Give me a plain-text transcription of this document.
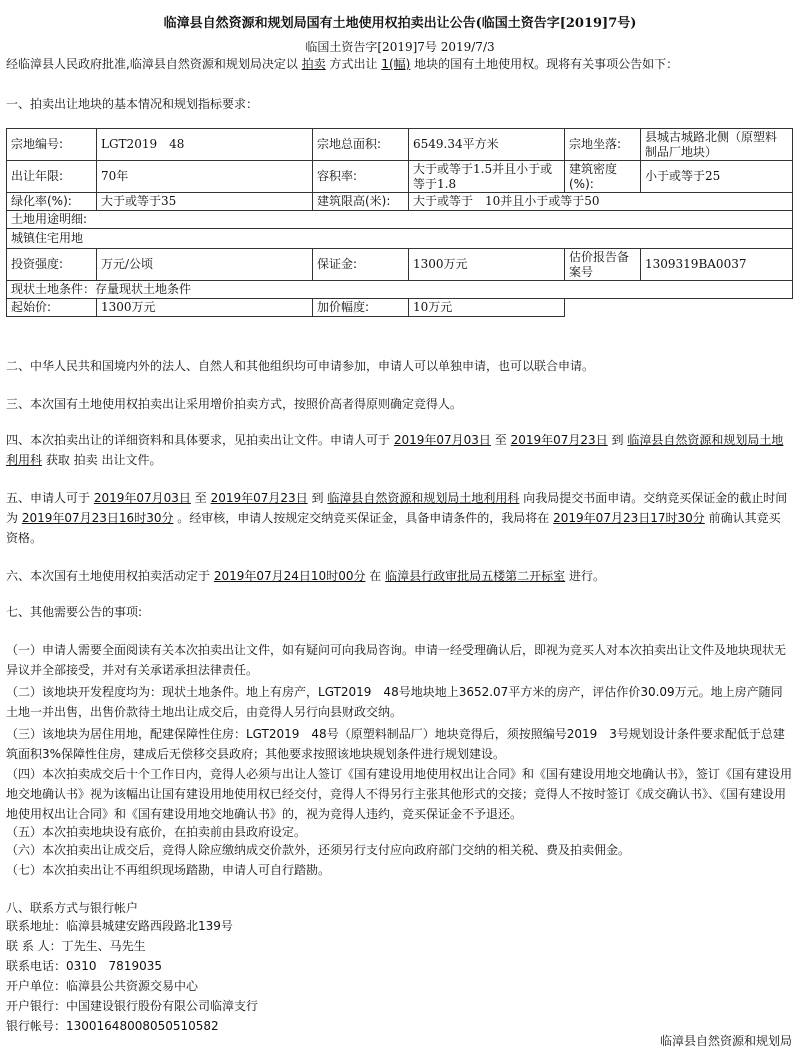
临漳县自然资源和规划局国有土地使用权拍卖出让公告(临国土资告字[2019]7号)
临国土资告字[2019]7号 2019/7/3
经临漳县人民政府批准,临漳县自然资源和规划局决定以 拍卖 方式出让 1(幅) 地块的国有土地使用权。现将有关事项公告如下：
一、拍卖出让地块的基本情况和规划指标要求：
宗地编号:	LGT2019　48	宗地总面积:	6549.34平方米	宗地坐落:	县城古城路北侧（原塑料制品厂地块）
出让年限:	70年	容积率:	大于或等于1.5并且小于或等于1.8	建筑密度(%):	小于或等于25
绿化率(%):	大于或等于35	建筑限高(米):	大于或等于　10并且小于或等于50		
土地用途明细:					
城镇住宅用地					
投资强度:	万元/公顷	保证金:	1300万元	估价报告备案号	1309319BA0037
现状土地条件：存量现状土地条件					
起始价:	1300万元	加价幅度:	10万元		
二、中华人民共和国境内外的法人、自然人和其他组织均可申请参加，申请人可以单独申请，也可以联合申请。
三、本次国有土地使用权拍卖出让采用增价拍卖方式，按照价高者得原则确定竞得人。
四、本次拍卖出让的详细资料和具体要求，见拍卖出让文件。申请人可于 2019年07月03日 至 2019年07月23日 到 临漳县自然资源和规划局土地利用科 获取 拍卖 出让文件。
五、申请人可于 2019年07月03日 至 2019年07月23日 到 临漳县自然资源和规划局土地利用科 向我局提交书面申请。交纳竞买保证金的截止时间为 2019年07月23日16时30分 。经审核，申请人按规定交纳竞买保证金，具备申请条件的，我局将在 2019年07月23日17时30分 前确认其竞买资格。
六、本次国有土地使用权拍卖活动定于 2019年07月24日10时00分 在 临漳县行政审批局五楼第二开标室 进行。
七、其他需要公告的事项:
（一）申请人需要全面阅读有关本次拍卖出让文件，如有疑问可向我局咨询。申请一经受理确认后，即视为竞买人对本次拍卖出让文件及地块现状无异议并全部接受，并对有关承诺承担法律责任。
（二）该地块开发程度均为：现状土地条件。地上有房产，LGT2019　48号地块地上3652.07平方米的房产，评估作价30.09万元。地上房产随同土地一并出售，出售价款待土地出让成交后，由竞得人另行向县财政交纳。
（三）该地块为居住用地，配建保障性住房：LGT2019　48号（原塑料制品厂）地块竞得后，须按照编号2019　3号规划设计条件要求配低于总建筑面积3%保障性住房，建成后无偿移交县政府；其他要求按照该地块规划条件进行规划建设。
（四）本次拍卖成交后十个工作日内，竞得人必须与出让人签订《国有建设用地使用权出让合同》和《国有建设用地交地确认书》，签订《国有建设用地交地确认书》视为该幅出让国有建设用地使用权已经交付，竞得人不得另行主张其他形式的交接；竞得人不按时签订《成交确认书》、《国有建设用地使用权出让合同》和《国有建设用地交地确认书》的，视为竞得人违约，竞买保证金不予退还。
（五）本次拍卖地块设有底价，在拍卖前由县政府设定。
（六）本次拍卖出让成交后，竞得人除应缴纳成交价款外，还须另行支付应向政府部门交纳的相关税、费及拍卖佣金。
（七）本次拍卖出让不再组织现场踏勘，申请人可自行踏勘。
八、联系方式与银行帐户
联系地址：临漳县城建安路西段路北139号
联 系 人：丁先生、马先生
联系电话：0310　7819035
开户单位：临漳县公共资源交易中心
开户银行：中国建设银行股份有限公司临漳支行
银行帐号：13001648008050510582
临漳县自然资源和规划局
